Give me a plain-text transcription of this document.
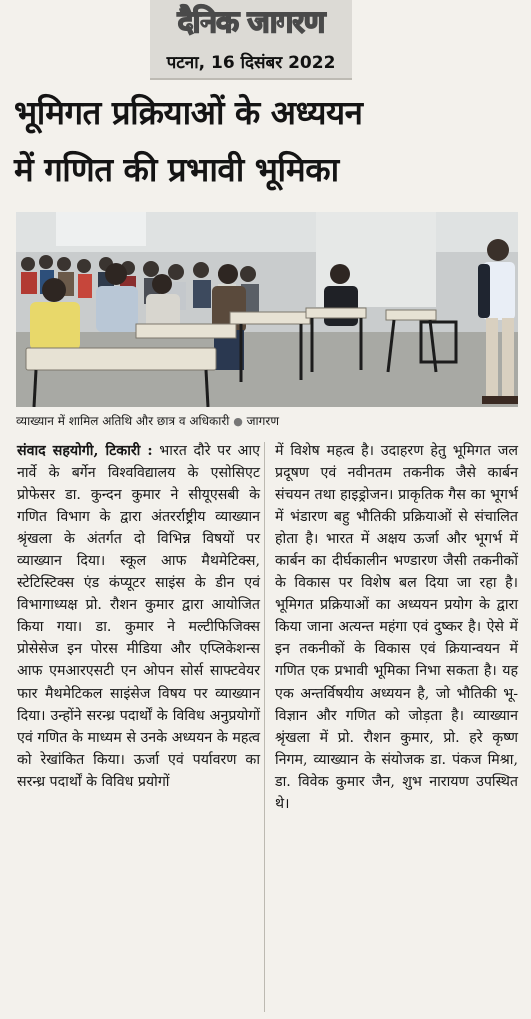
दैनिक जागरण
पटना, 16 दिसंबर 2022
भूमिगत प्रक्रियाओं के अध्ययन
में गणित की प्रभावी भूमिका
व्याख्यान में शामिल अतिथि और छात्र व अधिकारी ● जागरण
संवाद सहयोगी, टिकारी : भारत दौरे पर आए नार्वे के बर्गेन विश्वविद्यालय के एसोसिएट प्रोफेसर डा. कुन्दन कुमार ने सीयूएसबी के गणित विभाग के द्वारा अंतरर्राष्ट्रीय व्याख्यान श्रृंखला के अंतर्गत दो विभिन्न विषयों पर व्याख्यान दिया। स्कूल आफ मैथमेटिक्स, स्टेटिस्टिक्स एंड कंप्यूटर साइंस के डीन एवं विभागाध्यक्ष प्रो. रौशन कुमार द्वारा आयोजित किया गया। डा. कुमार ने मल्टीफिजिक्स प्रोसेसेज इन पोरस मीडिया और एप्लिकेशन्स आफ एमआरएसटी एन ओपन सोर्स साफ्टवेयर फार मैथमेटिकल साइंसेज विषय पर व्याख्यान दिया। उन्होंने सरन्ध्र पदार्थों के विविध अनुप्रयोगों एवं गणित के माध्यम से उनके अध्ययन के महत्व को रेखांकित किया। ऊर्जा एवं पर्यावरण का सरन्ध्र पदार्थों के विविध प्रयोगों
में विशेष महत्व है। उदाहरण हेतु भूमिगत जल प्रदूषण एवं नवीनतम तकनीक जैसे कार्बन संचयन तथा हाइड्रोजन। प्राकृतिक गैस का भूगर्भ में भंडारण बहु भौतिकी प्रक्रियाओं से संचालित होता है। भारत में अक्षय ऊर्जा और भूगर्भ में कार्बन का दीर्घकालीन भण्डारण जैसी तकनीकों के विकास पर विशेष बल दिया जा रहा है। भूमिगत प्रक्रियाओं का अध्ययन प्रयोग के द्वारा किया जाना अत्यन्त महंगा एवं दुष्कर है। ऐसे में इन तकनीकों के विकास एवं क्रियान्वयन में गणित एक प्रभावी भूमिका निभा सकता है। यह एक अन्तर्विषयीय अध्ययन है, जो भौतिकी भू-विज्ञान और गणित को जोड़ता है। व्याख्यान श्रृंखला में प्रो. रौशन कुमार, प्रो. हरे कृष्ण निगम, व्याख्यान के संयोजक डा. पंकज मिश्रा, डा. विवेक कुमार जैन, शुभ नारायण उपस्थित थे।
